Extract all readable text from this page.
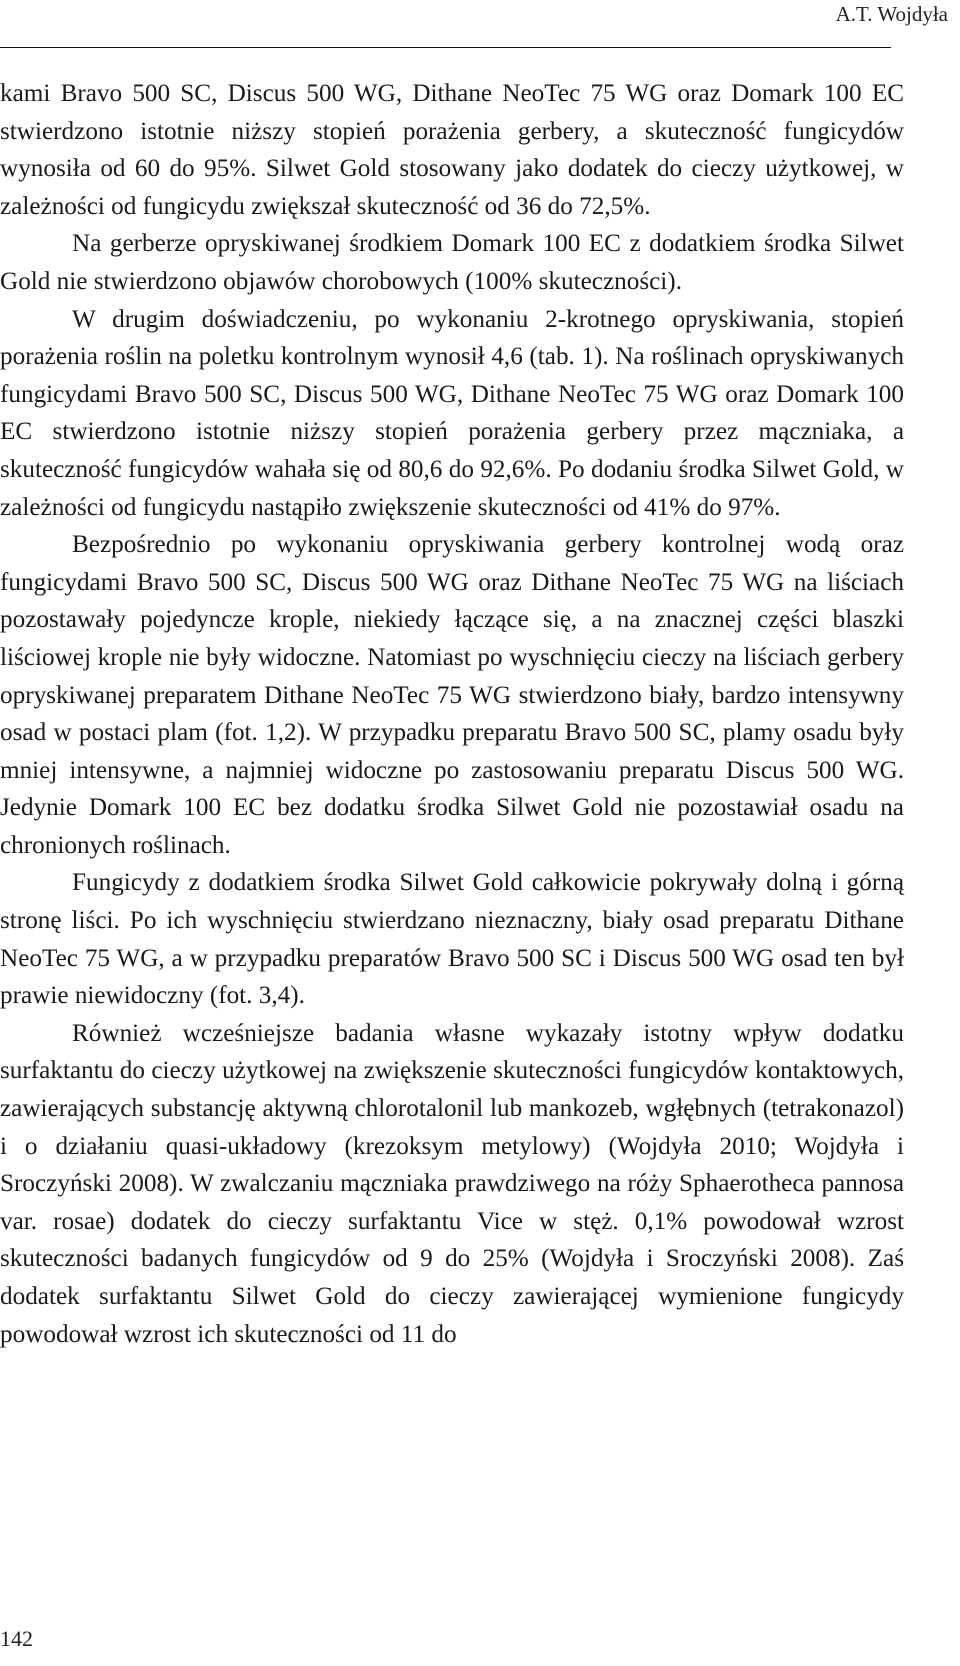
A.T. Wojdyła

kami Bravo 500 SC, Discus 500 WG, Dithane NeoTec 75 WG oraz Domark 100 EC stwierdzono istotnie niższy stopień porażenia gerbery, a skuteczność fungicydów wynosiła od 60 do 95%. Silwet Gold stosowany jako dodatek do cieczy użytkowej, w zależności od fungicydu zwiększał skuteczność od 36 do 72,5%.

Na gerberze opryskiwanej środkiem Domark 100 EC z dodatkiem środka Silwet Gold nie stwierdzono objawów chorobowych (100% skuteczności).

W drugim doświadczeniu, po wykonaniu 2-krotnego opryskiwania, stopień porażenia roślin na poletku kontrolnym wynosił 4,6 (tab. 1). Na roślinach opryskiwanych fungicydami Bravo 500 SC, Discus 500 WG, Dithane NeoTec 75 WG oraz Domark 100 EC stwierdzono istotnie niższy stopień porażenia gerbery przez mączniaka, a skuteczność fungicydów wahała się od 80,6 do 92,6%. Po dodaniu środka Silwet Gold, w zależności od fungicydu nastąpiło zwiększenie skuteczności od 41% do 97%.

Bezpośrednio po wykonaniu opryskiwania gerbery kontrolnej wodą oraz fungicydami Bravo 500 SC, Discus 500 WG oraz Dithane NeoTec 75 WG na liściach pozostawały pojedyncze krople, niekiedy łączące się, a na znacznej części blaszki liściowej krople nie były widoczne. Natomiast po wyschnięciu cieczy na liściach gerbery opryskiwanej preparatem Dithane NeoTec 75 WG stwierdzono biały, bardzo intensywny osad w postaci plam (fot. 1,2). W przypadku preparatu Bravo 500 SC, plamy osadu były mniej intensywne, a najmniej widoczne po zastosowaniu preparatu Discus 500 WG. Jedynie Domark 100 EC bez dodatku środka Silwet Gold nie pozostawiał osadu na chronionych roślinach.

Fungicydy z dodatkiem środka Silwet Gold całkowicie pokrywały dolną i górną stronę liści. Po ich wyschnięciu stwierdzano nieznaczny, biały osad preparatu Dithane NeoTec 75 WG, a w przypadku preparatów Bravo 500 SC i Discus 500 WG osad ten był prawie niewidoczny (fot. 3,4).

Również wcześniejsze badania własne wykazały istotny wpływ dodatku surfaktantu do cieczy użytkowej na zwiększenie skuteczności fungicydów kontaktowych, zawierających substancję aktywną chlorotalonil lub mankozeb, wgłębnych (tetrakonazol) i o działaniu quasi-układowy (krezoksym metylowy) (Wojdyła 2010; Wojdyła i Sroczyński 2008). W zwalczaniu mączniaka prawdziwego na róży Sphaerotheca pannosa var. rosae) dodatek do cieczy surfaktantu Vice w stęż. 0,1% powodował wzrost skuteczności badanych fungicydów od 9 do 25% (Wojdyła i Sroczyński 2008). Zaś dodatek surfaktantu Silwet Gold do cieczy zawierającej wymienione fungicydy powodował wzrost ich skuteczności od 11 do

142
